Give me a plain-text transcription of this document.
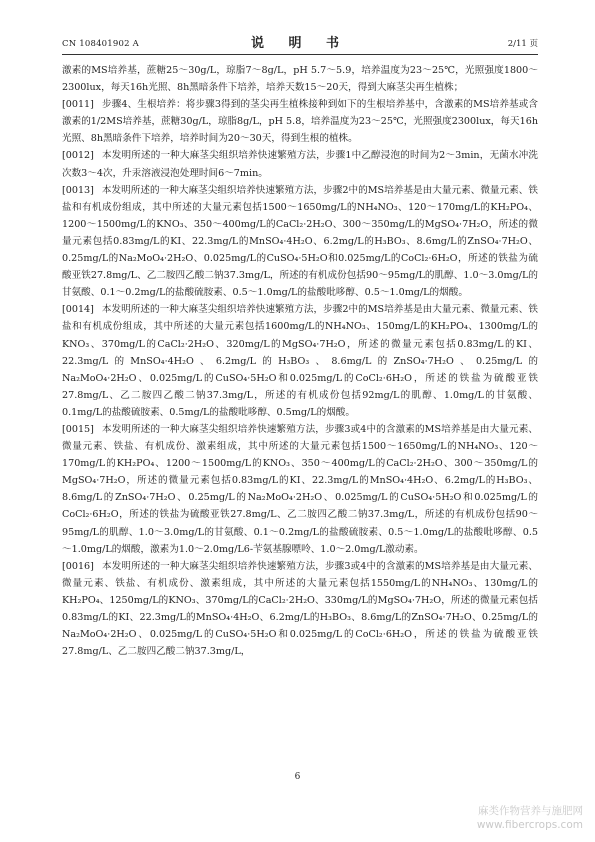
CN 108401902 A	说 明 书	2/11 页

激素的MS培养基，蔗糖25～30g/L，琼脂7～8g/L，pH 5.7～5.9，培养温度为23～25℃，光照强度1800～2300lux，每天16h光照、8h黑暗条件下培养，培养天数15～20天，得到大麻茎尖再生植株；

[0011] 步骤4、生根培养：将步骤3得到的茎尖再生植株接种到如下的生根培养基中，含激素的MS培养基或含激素的1/2MS培养基，蔗糖30g/L，琼脂8g/L，pH 5.8，培养温度为23～25℃，光照强度2300lux，每天16h光照、8h黑暗条件下培养，培养时间为20～30天，得到生根的植株。

[0012] 本发明所述的一种大麻茎尖组织培养快速繁殖方法，步骤1中乙醇浸泡的时间为2～3min，无菌水冲洗次数3～4次，升汞溶液浸泡处理时间6～7min。

[0013] 本发明所述的一种大麻茎尖组织培养快速繁殖方法，步骤2中的MS培养基是由大量元素、微量元素、铁盐和有机成份组成，其中所述的大量元素包括1500～1650mg/L的NH₄NO₃、120～170mg/L的KH₂PO₄、1200～1500mg/L的KNO₃、350～400mg/L的CaCl₂·2H₂O、300～350mg/L的MgSO₄·7H₂O，所述的微量元素包括0.83mg/L的KI、22.3mg/L的MnSO₄·4H₂O、6.2mg/L的H₃BO₃、8.6mg/L的ZnSO₄·7H₂O、0.25mg/L的Na₂MoO₄·2H₂O、0.025mg/L的CuSO₄·5H₂O和0.025mg/L的CoCl₂·6H₂O，所述的铁盐为硫酸亚铁27.8mg/L、乙二胺四乙酸二钠37.3mg/L，所述的有机成份包括90～95mg/L的肌醇、1.0～3.0mg/L的甘氨酸、0.1～0.2mg/L的盐酸硫胺素、0.5～1.0mg/L的盐酸吡哆醇、0.5～1.0mg/L的烟酸。

[0014] 本发明所述的一种大麻茎尖组织培养快速繁殖方法，步骤2中的MS培养基是由大量元素、微量元素、铁盐和有机成份组成，其中所述的大量元素包括1600mg/L的NH₄NO₃、150mg/L的KH₂PO₄、1300mg/L的KNO₃、370mg/L的CaCl₂·2H₂O、320mg/L的MgSO₄·7H₂O，所述的微量元素包括0.83mg/L的KI、22.3mg/L的MnSO₄·4H₂O、6.2mg/L的H₃BO₃、8.6mg/L的ZnSO₄·7H₂O、0.25mg/L的Na₂MoO₄·2H₂O、0.025mg/L的CuSO₄·5H₂O和0.025mg/L的CoCl₂·6H₂O，所述的铁盐为硫酸亚铁27.8mg/L、乙二胺四乙酸二钠37.3mg/L，所述的有机成份包括92mg/L的肌醇、1.0mg/L的甘氨酸、0.1mg/L的盐酸硫胺素、0.5mg/L的盐酸吡哆醇、0.5mg/L的烟酸。

[0015] 本发明所述的一种大麻茎尖组织培养快速繁殖方法，步骤3或4中的含激素的MS培养基是由大量元素、微量元素、铁盐、有机成份、激素组成，其中所述的大量元素包括1500～1650mg/L的NH₄NO₃、120～170mg/L的KH₂PO₄、1200～1500mg/L的KNO₃、350～400mg/L的CaCl₂·2H₂O、300～350mg/L的MgSO₄·7H₂O，所述的微量元素包括0.83mg/L的KI、22.3mg/L的MnSO₄·4H₂O、6.2mg/L的H₃BO₃、8.6mg/L的ZnSO₄·7H₂O、0.25mg/L的Na₂MoO₄·2H₂O、0.025mg/L的CuSO₄·5H₂O和0.025mg/L的CoCl₂·6H₂O，所述的铁盐为硫酸亚铁27.8mg/L、乙二胺四乙酸二钠37.3mg/L，所述的有机成份包括90～95mg/L的肌醇、1.0～3.0mg/L的甘氨酸、0.1～0.2mg/L的盐酸硫胺素、0.5～1.0mg/L的盐酸吡哆醇、0.5～1.0mg/L的烟酸，激素为1.0～2.0mg/L6-苄氨基腺嘌呤、1.0～2.0mg/L激动素。

[0016] 本发明所述的一种大麻茎尖组织培养快速繁殖方法，步骤3或4中的含激素的MS培养基是由大量元素、微量元素、铁盐、有机成份、激素组成，其中所述的大量元素包括1550mg/L的NH₄NO₃、130mg/L的KH₂PO₄、1250mg/L的KNO₃、370mg/L的CaCl₂·2H₂O、330mg/L的MgSO₄·7H₂O，所述的微量元素包括0.83mg/L的KI、22.3mg/L的MnSO₄·4H₂O、6.2mg/L的H₃BO₃、8.6mg/L的ZnSO₄·7H₂O、0.25mg/L的Na₂MoO₄·2H₂O、0.025mg/L的CuSO₄·5H₂O和0.025mg/L的CoCl₂·6H₂O，所述的铁盐为硫酸亚铁27.8mg/L、乙二胺四乙酸二钠37.3mg/L，

6
麻类作物营养与施肥网
www.fibercrops.com
